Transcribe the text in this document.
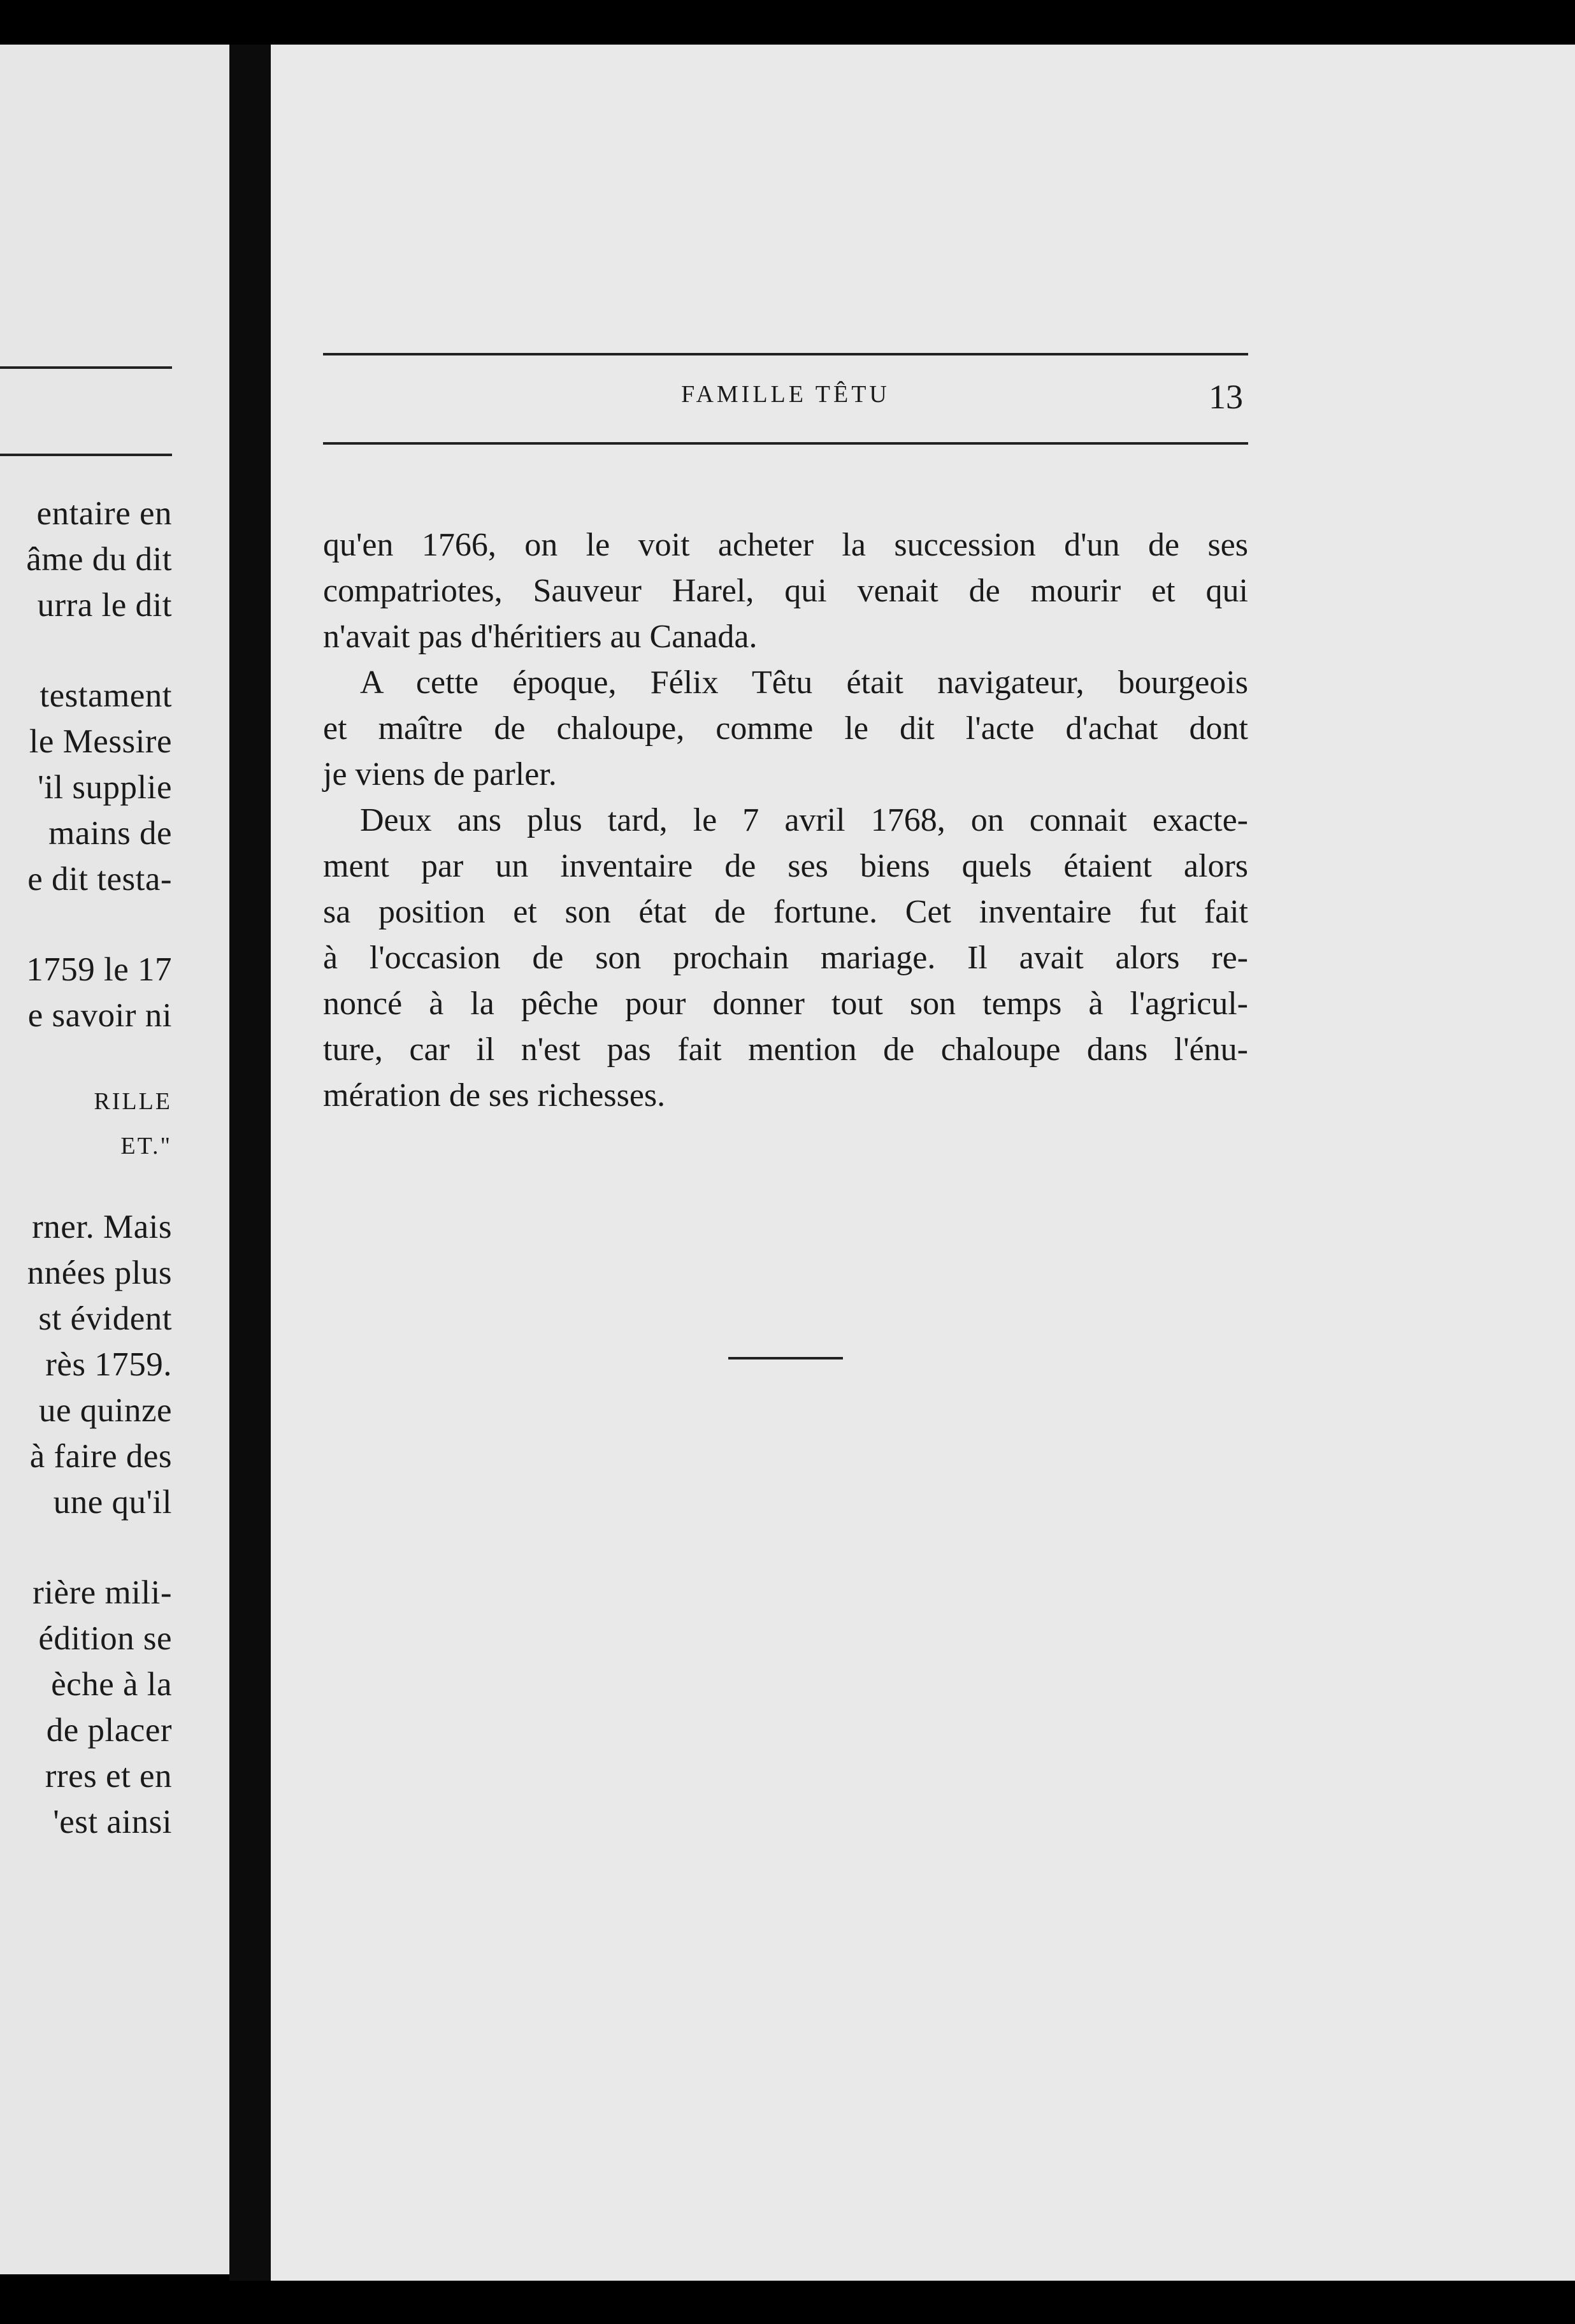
entaire en
âme du dit
urra le dit
testament
le Messire
'il supplie
mains de
e dit testa-
1759 le 17
e savoir ni
RILLE
ET."
rner. Mais
nnées plus
st évident
rès 1759.
ue quinze
à faire des
une qu'il
rière mili-
édition se
èche à la
de placer
rres et en
'est ainsi
FAMILLE TÊTU	13

qu'en 1766, on le voit acheter la succession d'un de ses
compatriotes, Sauveur Harel, qui venait de mourir et qui
n'avait pas d'héritiers au Canada.

A cette époque, Félix Têtu était navigateur, bourgeois
et maître de chaloupe, comme le dit l'acte d'achat dont
je viens de parler.

Deux ans plus tard, le 7 avril 1768, on connait exacte-
ment par un inventaire de ses biens quels étaient alors
sa position et son état de fortune. Cet inventaire fut fait
à l'occasion de son prochain mariage. Il avait alors re-
noncé à la pêche pour donner tout son temps à l'agricul-
ture, car il n'est pas fait mention de chaloupe dans l'énu-
mération de ses richesses.
